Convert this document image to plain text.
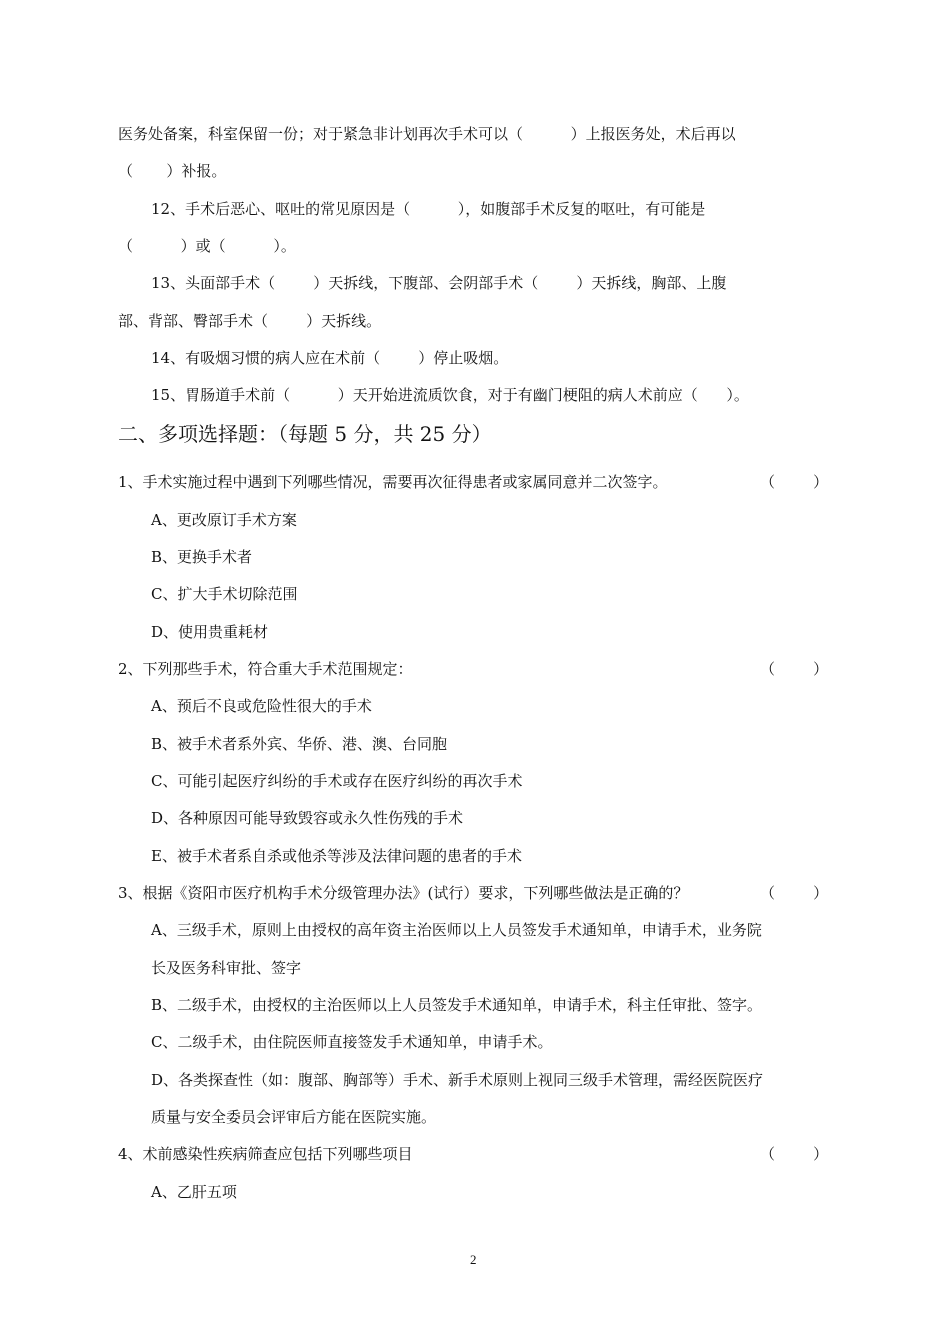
医务处备案，科室保留一份；对于紧急非计划再次手术可以（          ）上报医务处，术后再以
（       ）补报。
12、手术后恶心、呕吐的常见原因是（          ），如腹部手术反复的呕吐，有可能是
（          ）或（          ）。
13、头面部手术（        ）天拆线，下腹部、会阴部手术（        ）天拆线，胸部、上腹
部、背部、臀部手术（        ）天拆线。
14、有吸烟习惯的病人应在术前（        ）停止吸烟。
15、胃肠道手术前（          ）天开始进流质饮食，对于有幽门梗阻的病人术前应（      ）。
二、多项选择题：（每题 5 分，共 25 分）
1、手术实施过程中遇到下列哪些情况，需要再次征得患者或家属同意并二次签字。	（        ）
A、更改原订手术方案
B、更换手术者
C、扩大手术切除范围
D、使用贵重耗材
2、下列那些手术，符合重大手术范围规定：	（        ）
A、预后不良或危险性很大的手术
B、被手术者系外宾、华侨、港、澳、台同胞
C、可能引起医疗纠纷的手术或存在医疗纠纷的再次手术
D、各种原因可能导致毁容或永久性伤残的手术
E、被手术者系自杀或他杀等涉及法律问题的患者的手术
3、根据《资阳市医疗机构手术分级管理办法》(试行）要求，下列哪些做法是正确的？	（        ）
A、三级手术，原则上由授权的高年资主治医师以上人员签发手术通知单，申请手术，业务院
长及医务科审批、签字
B、二级手术，由授权的主治医师以上人员签发手术通知单，申请手术，科主任审批、签字。
C、二级手术，由住院医师直接签发手术通知单，申请手术。
D、各类探查性（如：腹部、胸部等）手术、新手术原则上视同三级手术管理，需经医院医疗
质量与安全委员会评审后方能在医院实施。
4、术前感染性疾病筛查应包括下列哪些项目	（        ）
A、乙肝五项
2
